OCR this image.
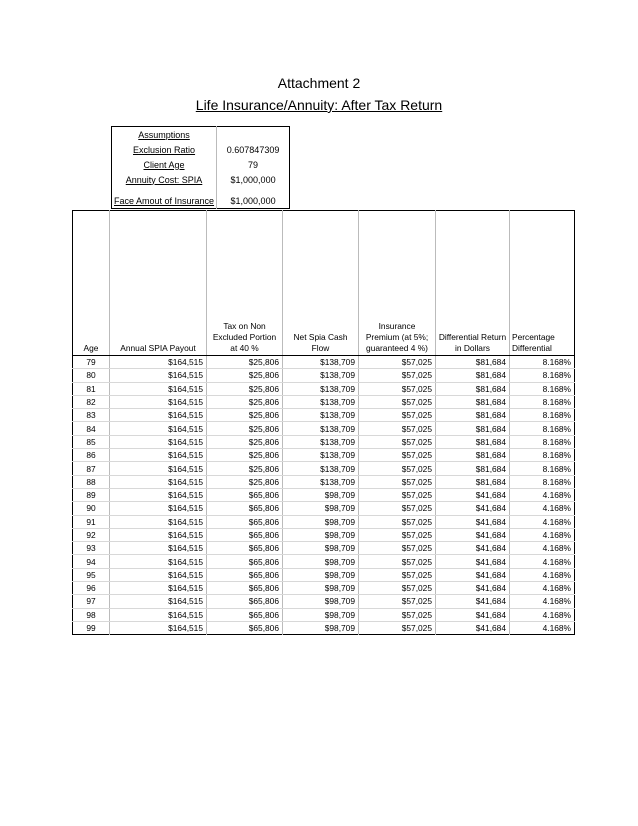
Attachment 2
Life Insurance/Annuity: After Tax Return
Assumptions	
Exclusion Ratio	0.607847309
Client Age	79
Annuity Cost: SPIA	$1,000,000

Face Amout of Insurance	$1,000,000
Age	Annual SPIA Payout	Tax on Non Excluded Portion at 40 %	Net Spia Cash Flow	Insurance Premium (at 5%; guaranteed 4 %)	Differential Return in Dollars	Percentage Differential
79	$164,515	$25,806	$138,709	$57,025	$81,684	8.168%
80	$164,515	$25,806	$138,709	$57,025	$81,684	8.168%
81	$164,515	$25,806	$138,709	$57,025	$81,684	8.168%
82	$164,515	$25,806	$138,709	$57,025	$81,684	8.168%
83	$164,515	$25,806	$138,709	$57,025	$81,684	8.168%
84	$164,515	$25,806	$138,709	$57,025	$81,684	8.168%
85	$164,515	$25,806	$138,709	$57,025	$81,684	8.168%
86	$164,515	$25,806	$138,709	$57,025	$81,684	8.168%
87	$164,515	$25,806	$138,709	$57,025	$81,684	8.168%
88	$164,515	$25,806	$138,709	$57,025	$81,684	8.168%
89	$164,515	$65,806	$98,709	$57,025	$41,684	4.168%
90	$164,515	$65,806	$98,709	$57,025	$41,684	4.168%
91	$164,515	$65,806	$98,709	$57,025	$41,684	4.168%
92	$164,515	$65,806	$98,709	$57,025	$41,684	4.168%
93	$164,515	$65,806	$98,709	$57,025	$41,684	4.168%
94	$164,515	$65,806	$98,709	$57,025	$41,684	4.168%
95	$164,515	$65,806	$98,709	$57,025	$41,684	4.168%
96	$164,515	$65,806	$98,709	$57,025	$41,684	4.168%
97	$164,515	$65,806	$98,709	$57,025	$41,684	4.168%
98	$164,515	$65,806	$98,709	$57,025	$41,684	4.168%
99	$164,515	$65,806	$98,709	$57,025	$41,684	4.168%
